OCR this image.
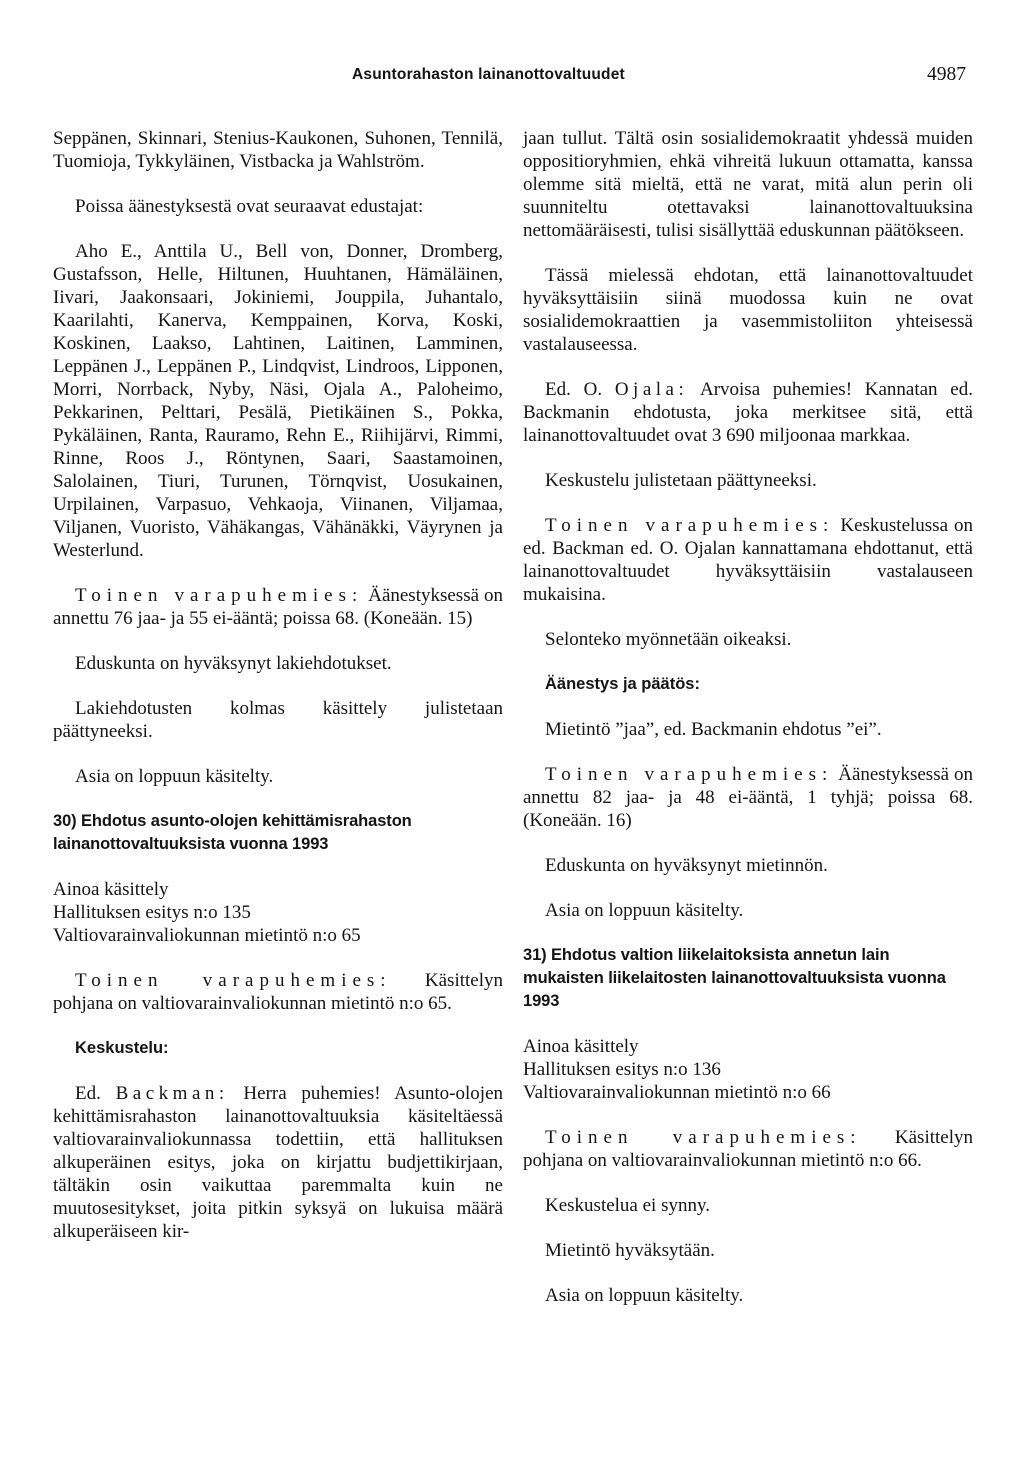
Asuntorahaston lainanottovaltuudet	4987

Seppänen, Skinnari, Stenius-Kaukonen, Suhonen, Tennilä, Tuomioja, Tykkyläinen, Vistbacka ja Wahlström.

Poissa äänestyksestä ovat seuraavat edustajat:

Aho E., Anttila U., Bell von, Donner, Dromberg, Gustafsson, Helle, Hiltunen, Huuhtanen, Hämäläinen, Iivari, Jaakonsaari, Jokiniemi, Jouppila, Juhantalo, Kaarilahti, Kanerva, Kemppainen, Korva, Koski, Koskinen, Laakso, Lahtinen, Laitinen, Lamminen, Leppänen J., Leppänen P., Lindqvist, Lindroos, Lipponen, Morri, Norrback, Nyby, Näsi, Ojala A., Paloheimo, Pekkarinen, Pelttari, Pesälä, Pietikäinen S., Pokka, Pykäläinen, Ranta, Rauramo, Rehn E., Riihijärvi, Rimmi, Rinne, Roos J., Röntynen, Saari, Saastamoinen, Salolainen, Tiuri, Turunen, Törnqvist, Uosukainen, Urpilainen, Varpasuo, Vehkaoja, Viinanen, Viljamaa, Viljanen, Vuoristo, Vähäkangas, Vähänäkki, Väyrynen ja Westerlund.

Toinen varapuhemies: Äänestyksessä on annettu 76 jaa- ja 55 ei-ääntä; poissa 68. (Koneään. 15)

Eduskunta on hyväksynyt lakiehdotukset.

Lakiehdotusten kolmas käsittely julistetaan päättyneeksi.

Asia on loppuun käsitelty.

30) Ehdotus asunto-olojen kehittämisrahaston lainanottovaltuuksista vuonna 1993

Ainoa käsittely
Hallituksen esitys n:o 135
Valtiovarainvaliokunnan mietintö n:o 65

Toinen varapuhemies: Käsittelyn pohjana on valtiovarainvaliokunnan mietintö n:o 65.

Keskustelu:

Ed. Backman: Herra puhemies! Asunto-olojen kehittämisrahaston lainanottovaltuuksia käsiteltäessä valtiovarainvaliokunnassa todettiin, että hallituksen alkuperäinen esitys, joka on kirjattu budjettikirjaan, tältäkin osin vaikuttaa paremmalta kuin ne muutosesitykset, joita pitkin syksyä on lukuisa määrä alkuperäiseen kir-

jaan tullut. Tältä osin sosialidemokraatit yhdessä muiden oppositioryhmien, ehkä vihreitä lukuun ottamatta, kanssa olemme sitä mieltä, että ne varat, mitä alun perin oli suunniteltu otettavaksi lainanottovaltuuksina nettomääräisesti, tulisi sisällyttää eduskunnan päätökseen.

Tässä mielessä ehdotan, että lainanottovaltuudet hyväksyttäisiin siinä muodossa kuin ne ovat sosialidemokraattien ja vasemmistoliiton yhteisessä vastalauseessa.

Ed. O. Ojala: Arvoisa puhemies! Kannatan ed. Backmanin ehdotusta, joka merkitsee sitä, että lainanottovaltuudet ovat 3 690 miljoonaa markkaa.

Keskustelu julistetaan päättyneeksi.

Toinen varapuhemies: Keskustelussa on ed. Backman ed. O. Ojalan kannattamana ehdottanut, että lainanottovaltuudet hyväksyttäisiin vastalauseen mukaisina.

Selonteko myönnetään oikeaksi.

Äänestys ja päätös:

Mietintö ”jaa”, ed. Backmanin ehdotus ”ei”.

Toinen varapuhemies: Äänestyksessä on annettu 82 jaa- ja 48 ei-ääntä, 1 tyhjä; poissa 68. (Koneään. 16)

Eduskunta on hyväksynyt mietinnön.

Asia on loppuun käsitelty.

31) Ehdotus valtion liikelaitoksista annetun lain mukaisten liikelaitosten lainanottovaltuuksista vuonna 1993

Ainoa käsittely
Hallituksen esitys n:o 136
Valtiovarainvaliokunnan mietintö n:o 66

Toinen varapuhemies: Käsittelyn pohjana on valtiovarainvaliokunnan mietintö n:o 66.

Keskustelua ei synny.

Mietintö hyväksytään.

Asia on loppuun käsitelty.
